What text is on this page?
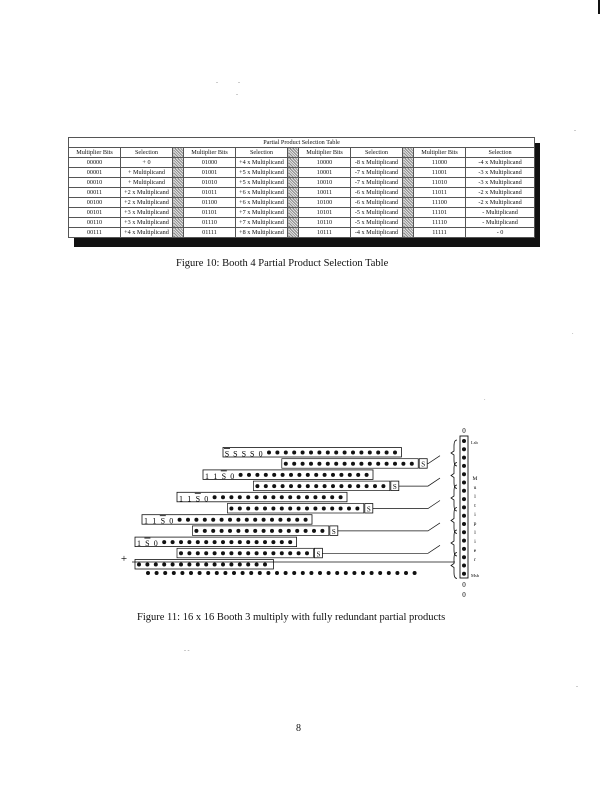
-	-
-
-
.
- -
.
-
Partial Product Selection Table										
Multiplier Bits	Selection		Multiplier Bits	Selection		Multiplier Bits	Selection		Multiplier Bits	Selection
00000	+ 0		01000	+4 x Multiplicand		10000	-8 x Multiplicand		11000	-4 x Multiplicand
00001	+ Multiplicand		01001	+5 x Multiplicand		10001	-7 x Multiplicand		11001	-3 x Multiplicand
00010	+ Multiplicand		01010	+5 x Multiplicand		10010	-7 x Multiplicand		11010	-3 x Multiplicand
00011	+2 x Multiplicand		01011	+6 x Multiplicand		10011	-6 x Multiplicand		11011	-2 x Multiplicand
00100	+2 x Multiplicand		01100	+6 x Multiplicand		10100	-6 x Multiplicand		11100	-2 x Multiplicand
00101	+3 x Multiplicand		01101	+7 x Multiplicand		10101	-5 x Multiplicand		11101	- Multiplicand
00110	+3 x Multiplicand		01110	+7 x Multiplicand		10110	-5 x Multiplicand		11110	- Multiplicand
00111	+4 x Multiplicand		01111	+8 x Multiplicand		10111	-4 x Multiplicand		11111	- 0
Figure 10: Booth 4 Partial Product Selection Table
S S S S 0
S
1 1 S 0
S
1 1 S 0
S
1 1 S 0
S
1 S 0
S
+
0
Lsb
Msb
0
0
M
u
l
t
i
p
l
i
e
r
Figure 11: 16 x 16 Booth 3 multiply with fully redundant partial products
8
